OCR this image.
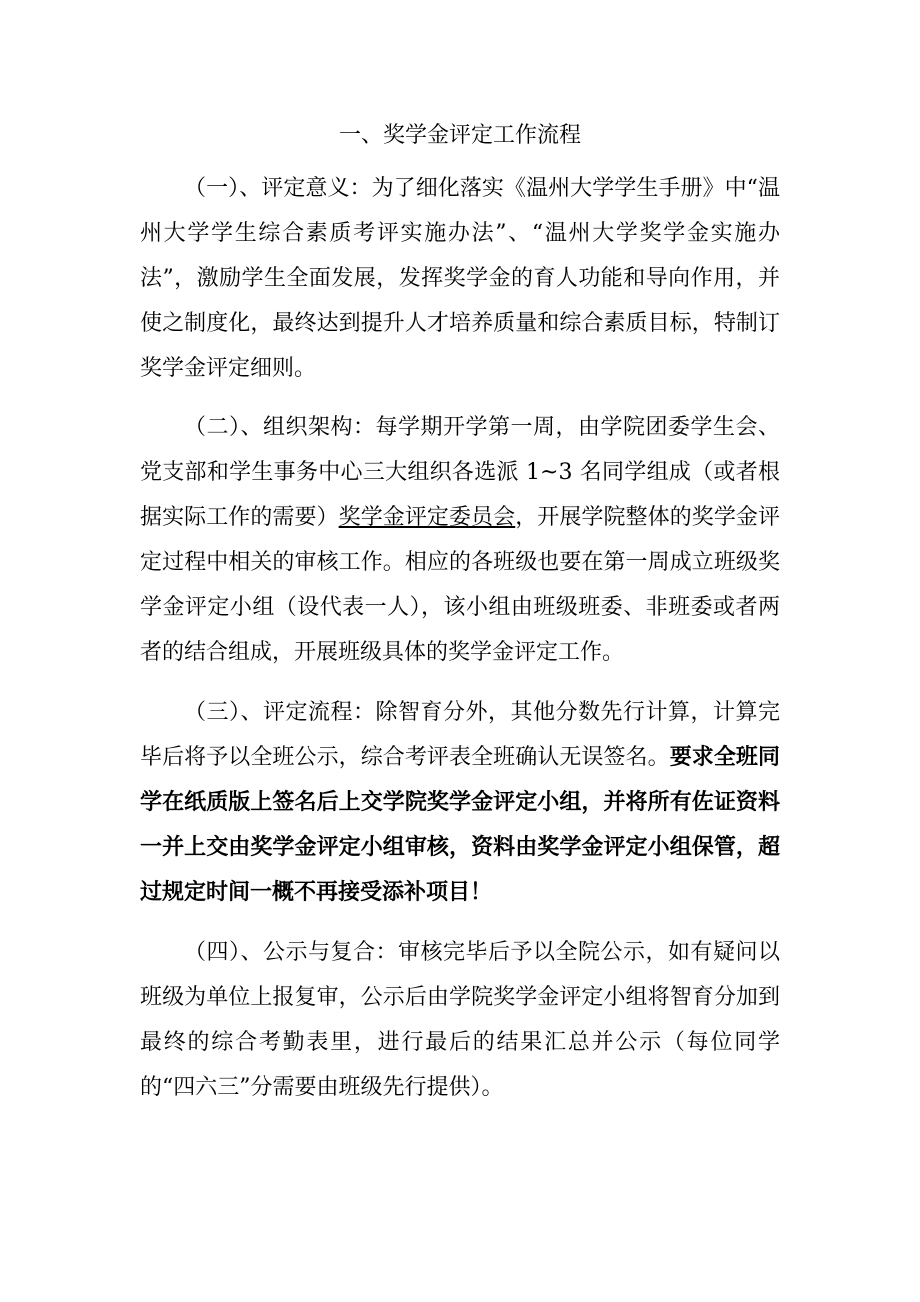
一、奖学金评定工作流程

（一）、评定意义：为了细化落实《温州大学学生手册》中“温州大学学生综合素质考评实施办法”、“温州大学奖学金实施办法”，激励学生全面发展，发挥奖学金的育人功能和导向作用，并使之制度化，最终达到提升人才培养质量和综合素质目标，特制订奖学金评定细则。

（二）、组织架构：每学期开学第一周，由学院团委学生会、党支部和学生事务中心三大组织各选派 1~3 名同学组成（或者根据实际工作的需要）奖学金评定委员会，开展学院整体的奖学金评定过程中相关的审核工作。相应的各班级也要在第一周成立班级奖学金评定小组（设代表一人），该小组由班级班委、非班委或者两者的结合组成，开展班级具体的奖学金评定工作。

（三）、评定流程：除智育分外，其他分数先行计算，计算完毕后将予以全班公示，综合考评表全班确认无误签名。要求全班同学在纸质版上签名后上交学院奖学金评定小组，并将所有佐证资料一并上交由奖学金评定小组审核，资料由奖学金评定小组保管，超过规定时间一概不再接受添补项目！

（四）、公示与复合：审核完毕后予以全院公示，如有疑问以班级为单位上报复审，公示后由学院奖学金评定小组将智育分加到最终的综合考勤表里，进行最后的结果汇总并公示（每位同学的“四六三”分需要由班级先行提供）。
